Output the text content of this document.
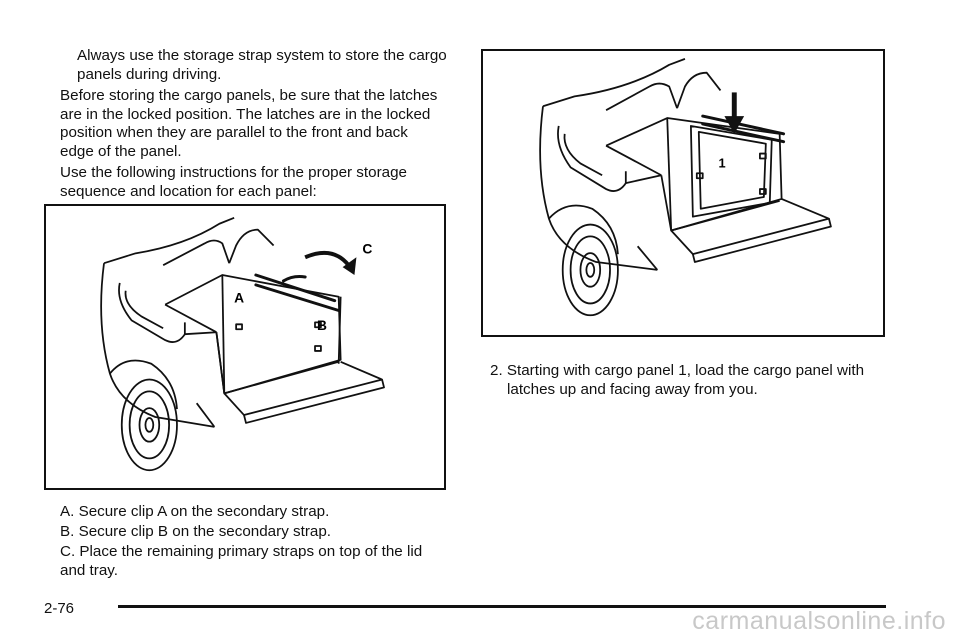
Always use the storage strap system to store the cargo panels during driving.

Before storing the cargo panels, be sure that the latches are in the locked position. The latches are in the locked position when they are parallel to the front and back edge of the panel.

Use the following instructions for the proper storage sequence and location for each panel:

A
B
C

A. Secure clip A on the secondary strap.

B. Secure clip B on the secondary strap.

C. Place the remaining primary straps on top of the lid and tray.

1

2. Starting with cargo panel 1, load the cargo panel with latches up and facing away from you.

2-76	carmanualsonline.info
